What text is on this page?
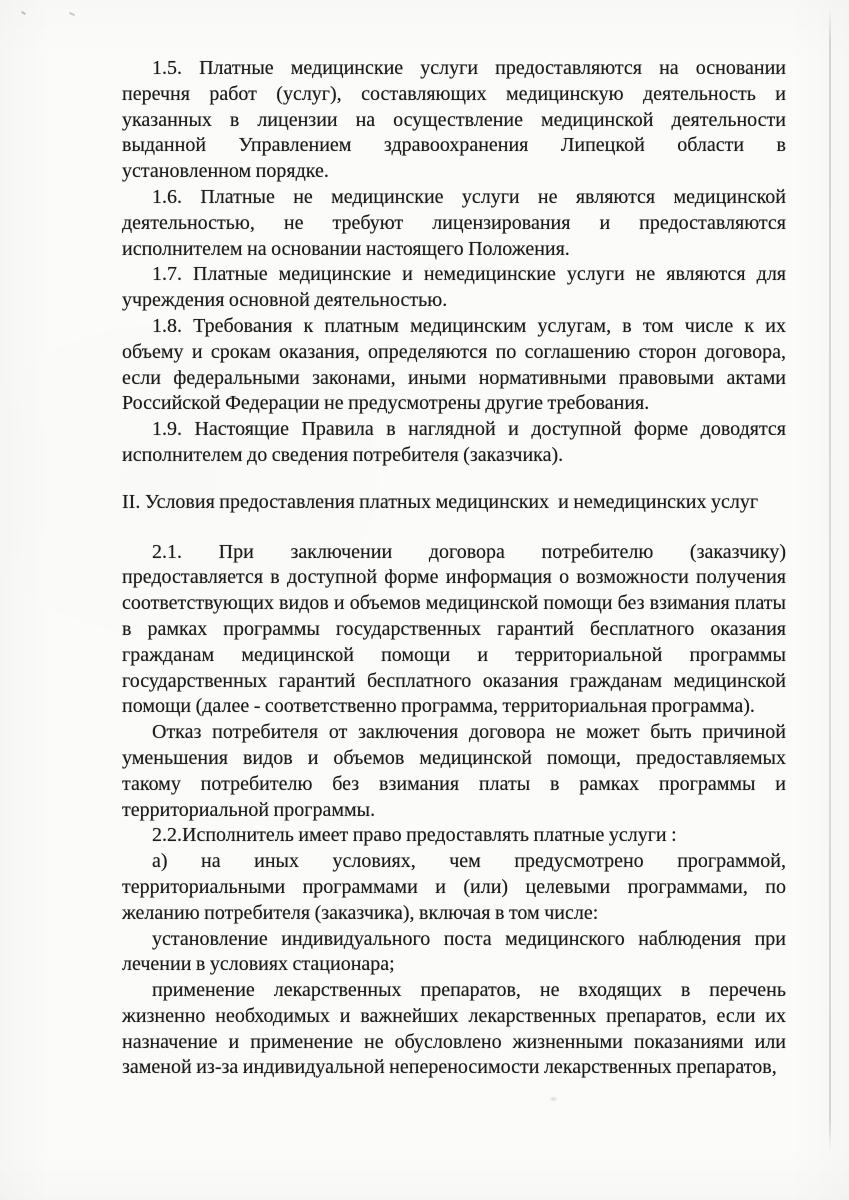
1.5. Платные медицинские услуги предоставляются на основании
перечня работ (услуг), составляющих медицинскую деятельность и
указанных в лицензии на осуществление медицинской деятельности
выданной Управлением здравоохранения Липецкой области в
установленном порядке.
1.6. Платные не медицинские услуги не являются медицинской
деятельностью, не требуют лицензирования и предоставляются
исполнителем на основании настоящего Положения.
1.7. Платные медицинские и немедицинские услуги не являются для
учреждения основной деятельностью.
1.8. Требования к платным медицинским услугам, в том числе к их
объему и срокам оказания, определяются по соглашению сторон договора,
если федеральными законами, иными нормативными правовыми актами
Российской Федерации не предусмотрены другие требования.
1.9. Настоящие Правила в наглядной и доступной форме доводятся
исполнителем до сведения потребителя (заказчика).
II. Условия предоставления платных медицинских  и немедицинских услуг
2.1. При заключении договора потребителю (заказчику)
предоставляется в доступной форме информация о возможности получения
соответствующих видов и объемов медицинской помощи без взимания платы
в рамках программы государственных гарантий бесплатного оказания
гражданам медицинской помощи и территориальной программы
государственных гарантий бесплатного оказания гражданам медицинской
помощи (далее - соответственно программа, территориальная программа).
Отказ потребителя от заключения договора не может быть причиной
уменьшения видов и объемов медицинской помощи, предоставляемых
такому потребителю без взимания платы в рамках программы и
территориальной программы.
2.2.Исполнитель имеет право предоставлять платные услуги :
а) на иных условиях, чем предусмотрено программой,
территориальными программами и (или) целевыми программами, по
желанию потребителя (заказчика), включая в том числе:
установление индивидуального поста медицинского наблюдения при
лечении в условиях стационара;
применение лекарственных препаратов, не входящих в перечень
жизненно необходимых и важнейших лекарственных препаратов, если их
назначение и применение не обусловлено жизненными показаниями или
заменой из-за индивидуальной непереносимости лекарственных препаратов,
